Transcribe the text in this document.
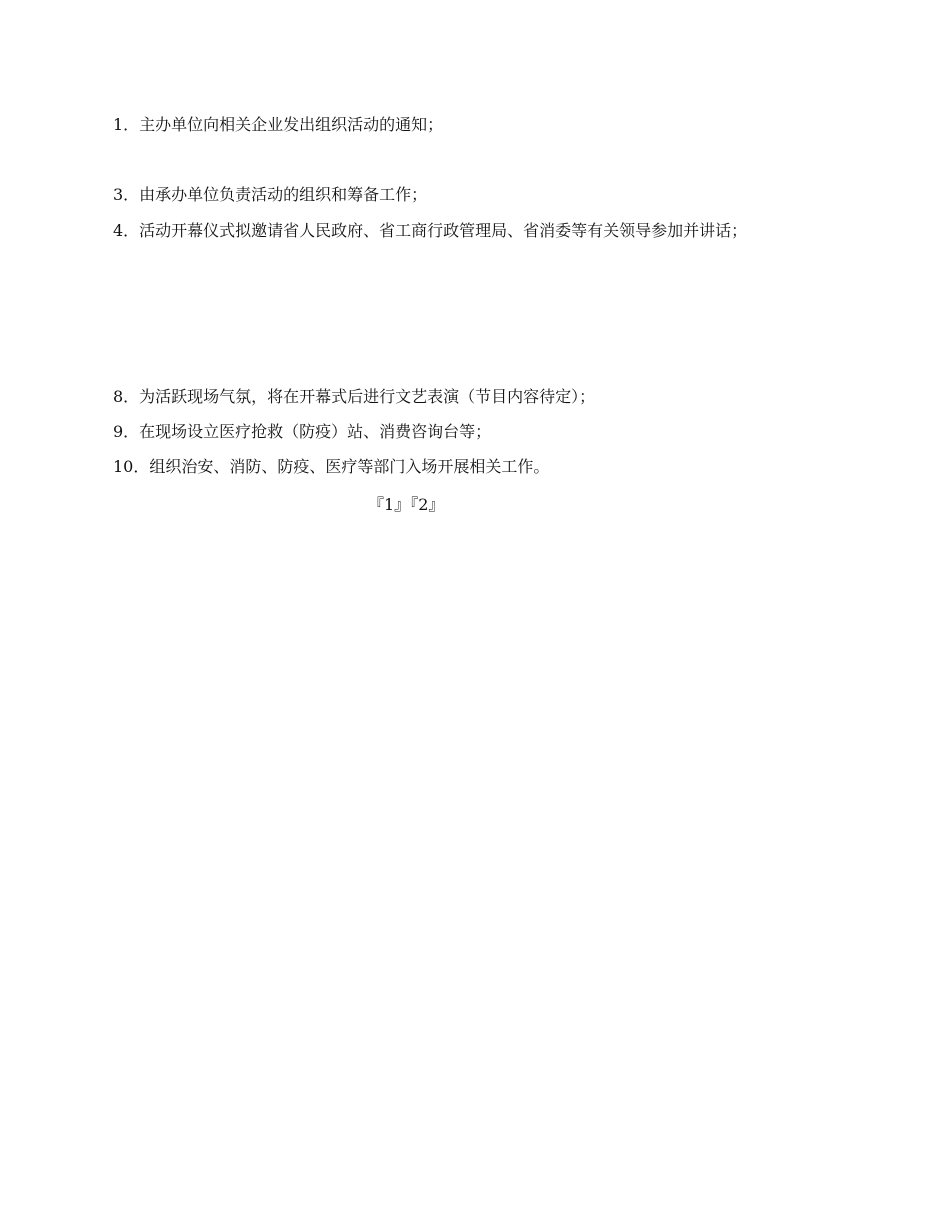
1．主办单位向相关企业发出组织活动的通知；

3．由承办单位负责活动的组织和筹备工作；

4．活动开幕仪式拟邀请省人民政府、省工商行政管理局、省消委等有关领导参加并讲话；

8．为活跃现场气氛，将在开幕式后进行文艺表演（节目内容待定）；

9．在现场设立医疗抢救（防疫）站、消费咨询台等；

10．组织治安、消防、防疫、医疗等部门入场开展相关工作。

『1』『2』
